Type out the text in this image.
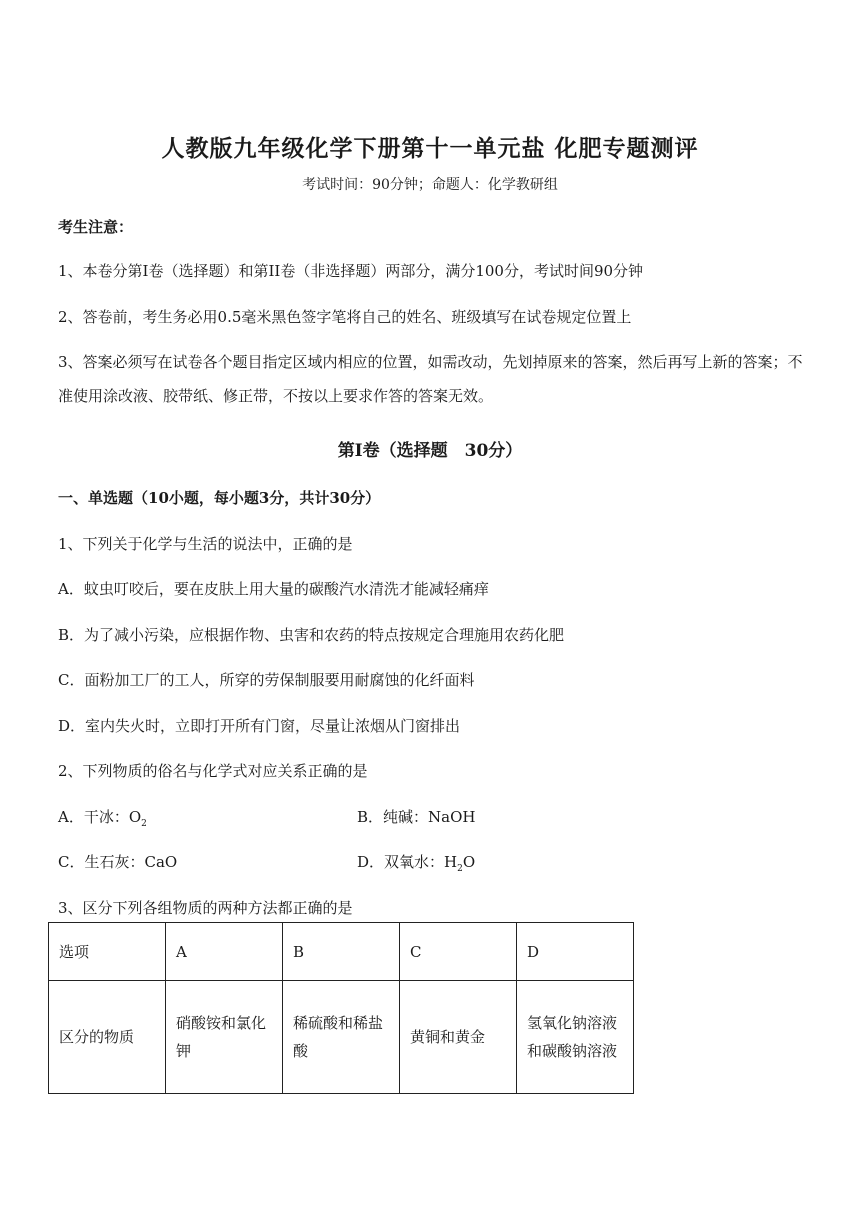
人教版九年级化学下册第十一单元盐 化肥专题测评
考试时间：90分钟；命题人：化学教研组
考生注意：
1、本卷分第I卷（选择题）和第II卷（非选择题）两部分，满分100分，考试时间90分钟
2、答卷前，考生务必用0.5毫米黑色签字笔将自己的姓名、班级填写在试卷规定位置上
3、答案必须写在试卷各个题目指定区域内相应的位置，如需改动，先划掉原来的答案，然后再写上新的答案；不准使用涂改液、胶带纸、修正带，不按以上要求作答的答案无效。
第I卷（选择题　30分）
一、单选题（10小题，每小题3分，共计30分）
1、下列关于化学与生活的说法中，正确的是
A．蚊虫叮咬后，要在皮肤上用大量的碳酸汽水清洗才能减轻痛痒
B．为了减小污染，应根据作物、虫害和农药的特点按规定合理施用农药化肥
C．面粉加工厂的工人，所穿的劳保制服要用耐腐蚀的化纤面料
D．室内失火时，立即打开所有门窗，尽量让浓烟从门窗排出
2、下列物质的俗名与化学式对应关系正确的是
A．干冰：$O_2$	B．纯碱：NaOH
C．生石灰：CaO	D．双氧水：$H_2O$
3、区分下列各组物质的两种方法都正确的是
选项	A	B	C	D
区分的物质	硝酸铵和氯化钾	稀硫酸和稀盐酸	黄铜和黄金	氢氧化钠溶液和碳酸钠溶液
